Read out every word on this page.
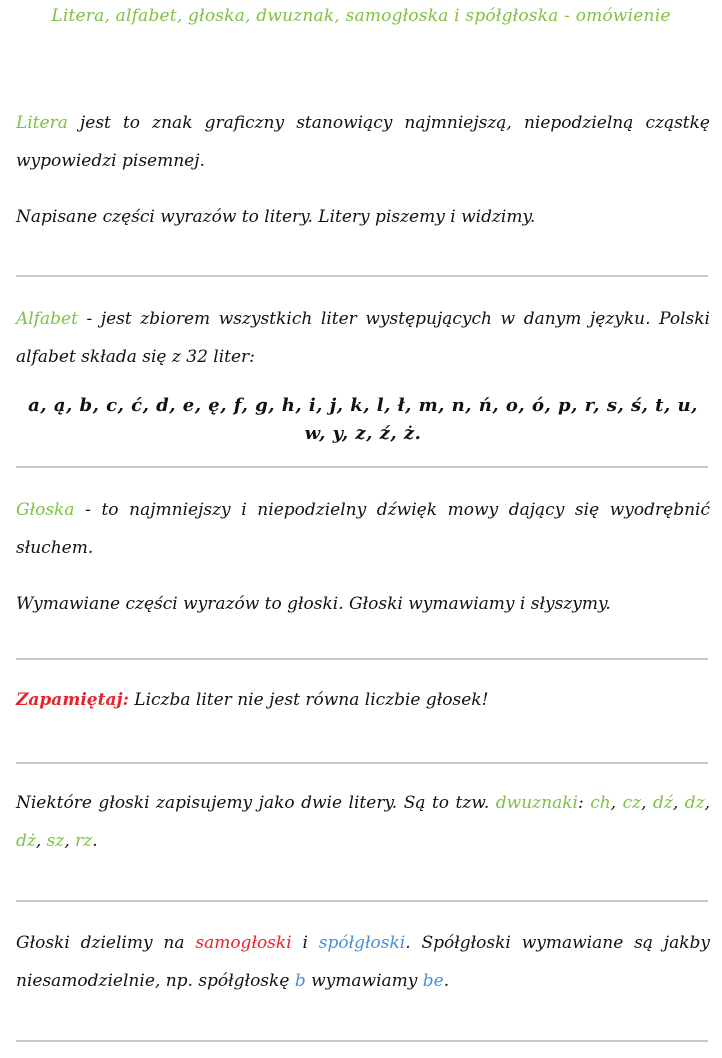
Litera, alfabet, głoska, dwuznak, samogłoska i spółgłoska - omówienie

Litera jest to znak graficzny stanowiący najmniejszą, niepodzielną cząstkę wypowiedzi pisemnej.

Napisane części wyrazów to litery. Litery piszemy i widzimy.

Alfabet - jest zbiorem wszystkich liter występujących w danym języku. Polski alfabet składa się z 32 liter:

a, ą, b, c, ć, d, e, ę, f, g, h, i, j, k, l, ł, m, n, ń, o, ó, p, r, s, ś, t, u, w, y, z, ź, ż.

Głoska - to najmniejszy i niepodzielny dźwięk mowy dający się wyodrębnić słuchem.

Wymawiane części wyrazów to głoski. Głoski wymawiamy i słyszymy.

Zapamiętaj: Liczba liter nie jest równa liczbie głosek!

Niektóre głoski zapisujemy jako dwie litery. Są to tzw. dwuznaki: ch, cz, dź, dz, dż, sz, rz.

Głoski dzielimy na samogłoski i spółgłoski. Spółgłoski wymawiane są jakby niesamodzielnie, np. spółgłoskę b wymawiamy be.
